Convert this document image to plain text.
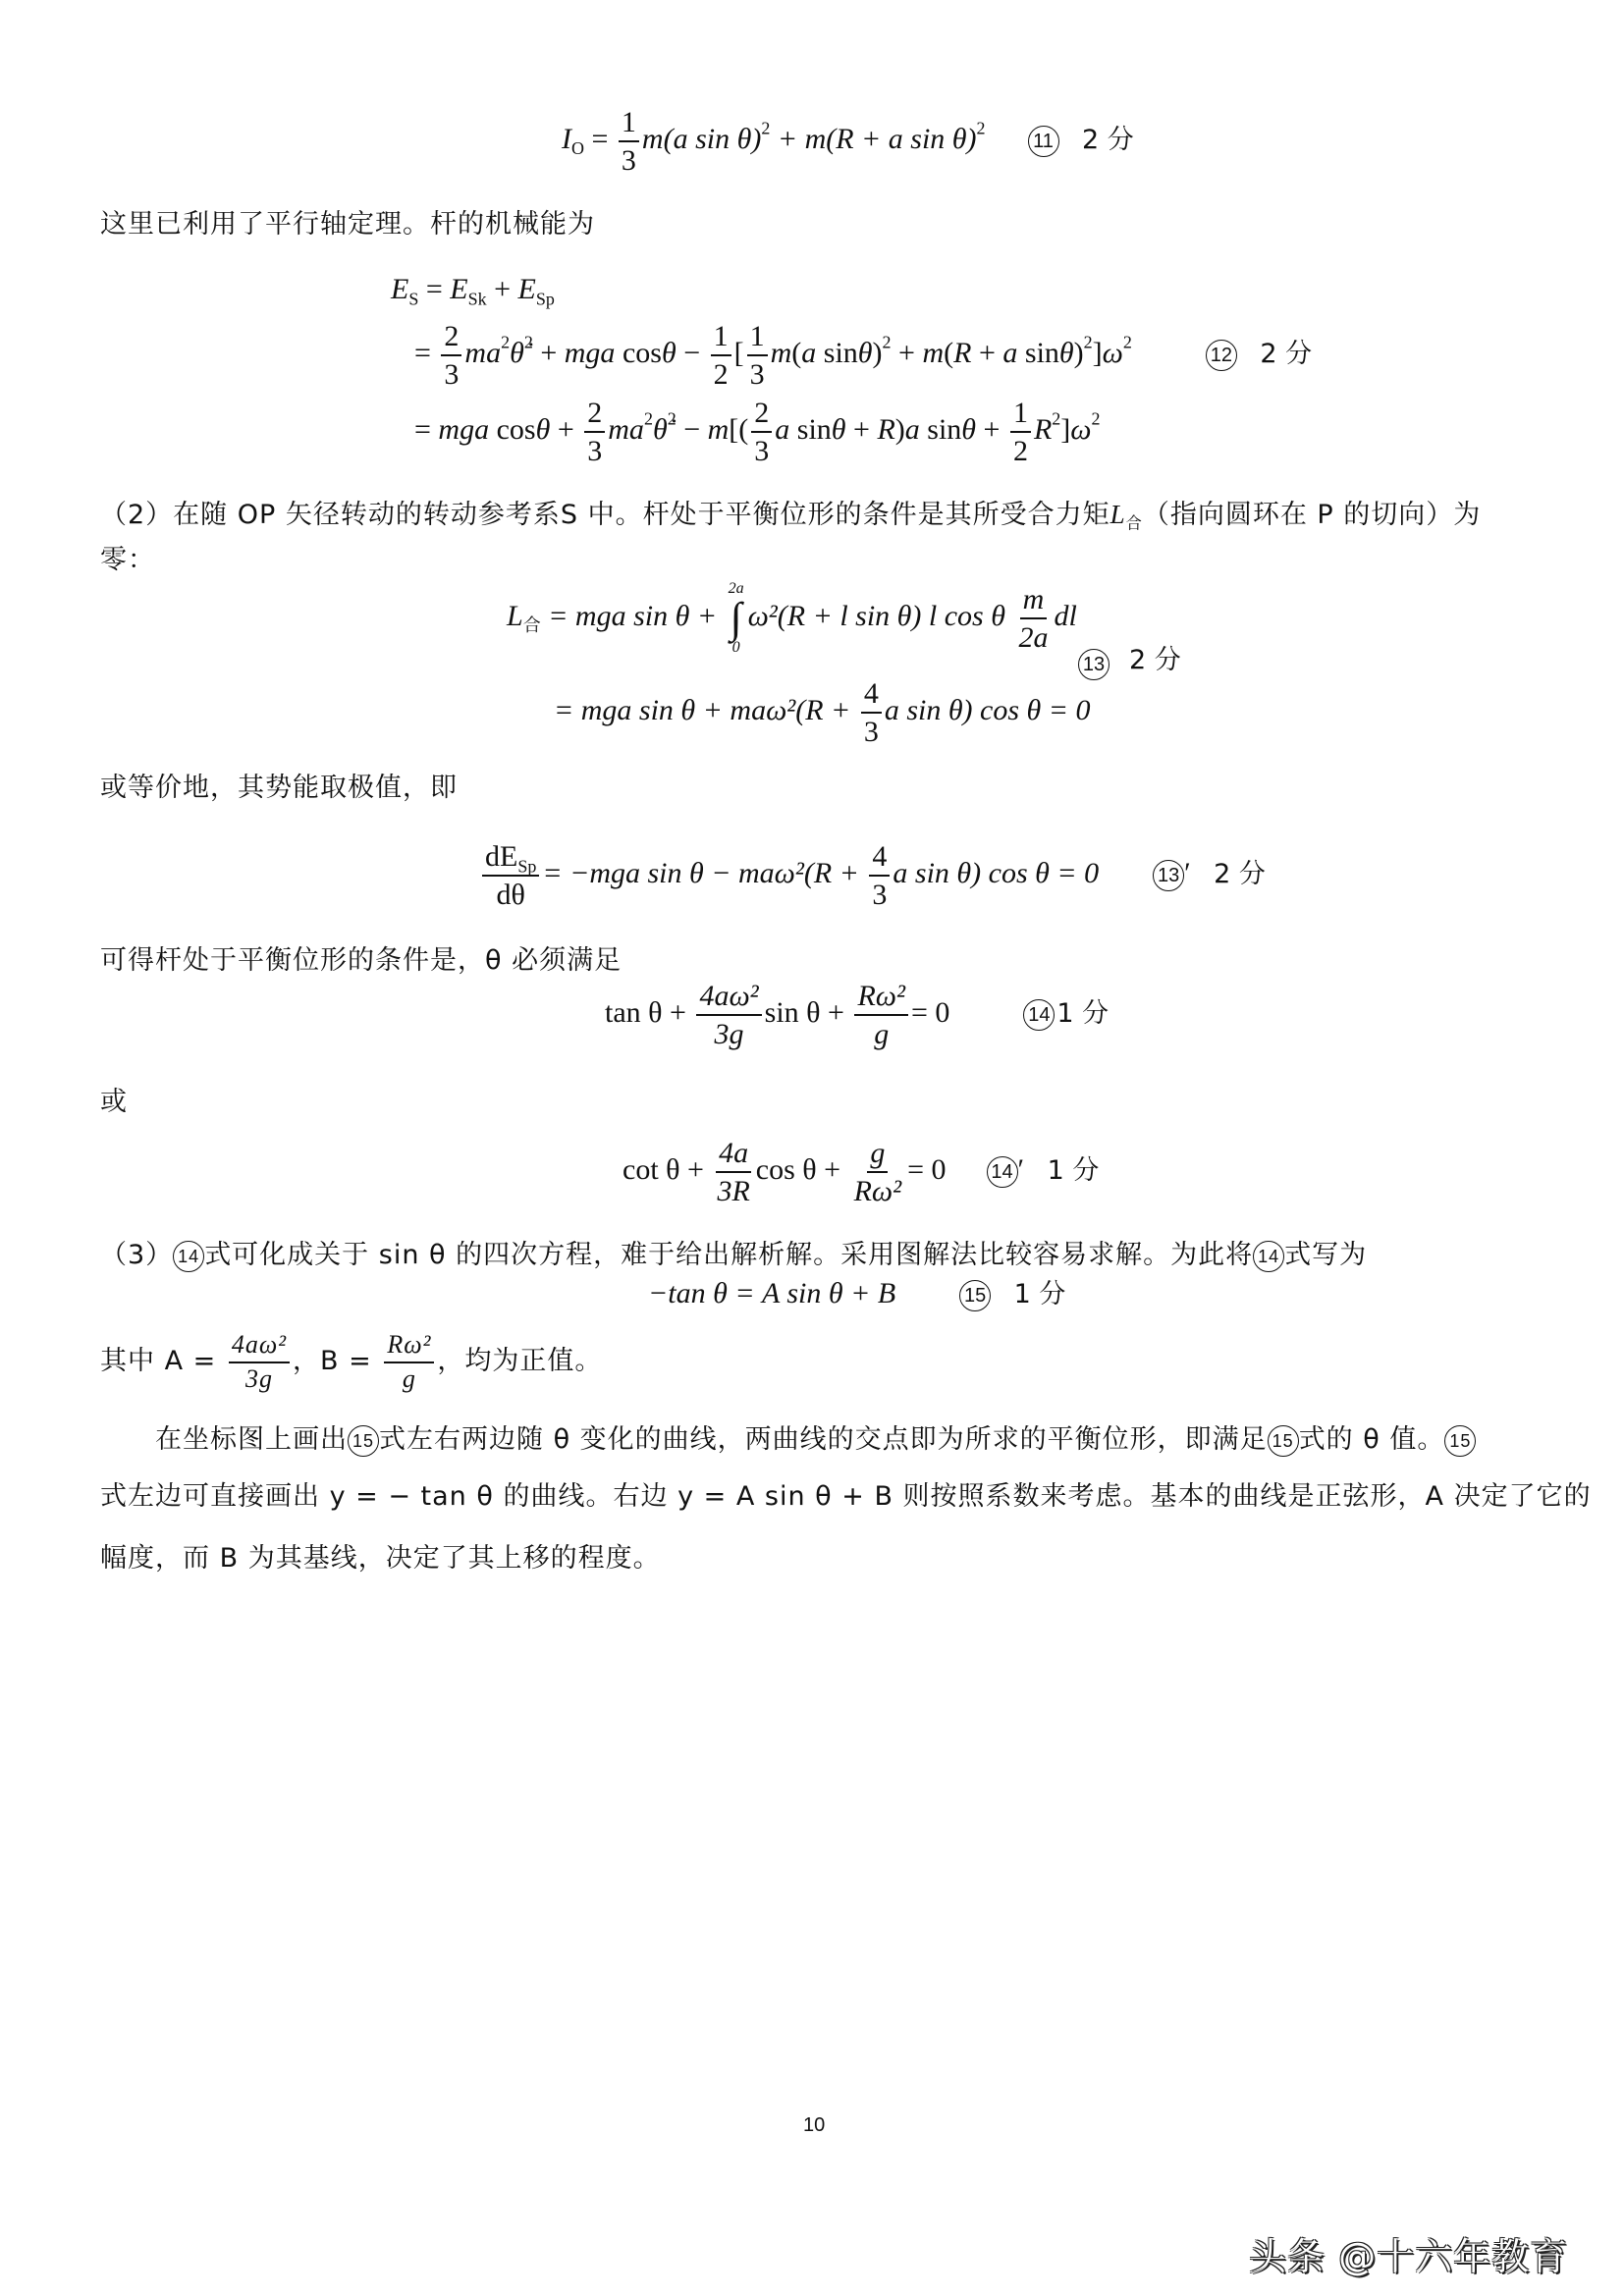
$I_O = \frac{1}{3} m(a$ sin θ)$^2$ + m(R + a sin θ)$^2$  11 2 分
这里已利用了平行轴定理。杆的机械能为
$E_S = E_{Sk} + E_{Sp}$
= $\frac{2}{3}$ $ma^2\thetȧ^2$ + mga $\cos\theta - \frac{1}{2}$ [ $\frac{1}{3} m(a$ sinθ)$^2$ + m(R + a $\sin\theta)^2]\omega^2$  12 2 分
= mga $\cos\theta + \frac{2}{3}$ $ma^2\thetȧ^2 - m[( \frac{2}{3}$ a sinθ + R)a $\sin\theta + \frac{1}{2} R^2]\omega^2$
（2）在随 OP 矢径转动的转动参考系S 中。杆处于平衡位形的条件是其所受合力矩$L_合$（指向圆环在 P 的切向）为
零：
$L_合$ = mga sin θ +
2a
∫
0
ω²(R + l sin θ) l cos θ $\frac{m}{2a}$ dl
13 2 分
= mga $\sin \theta + ma\omega^2(R + \frac{4}{3}$ a sin θ) cos θ = 0
或等价地，其势能取极值，即
$\frac{dE_{Sp}}{d\theta} = -mga$ $\sin \theta - ma\omega^2(R + \frac{4}{3}$ a sin θ) cos θ = 0	13 ′ 2 分
可得杆处于平衡位形的条件是，θ 必须满足
$\tan \theta + \frac{\text{4aω²}}{3g}$ $\sin \theta + \frac{\text{Rω²}}{g} = 0$	14 1 分
或
$\cot \theta + \frac{4a}{3R}$ $\cos \theta + \frac{g}{\text{Rω²}} = 0$ 14 ′ 1 分
（3） 14 式可化成关于 sin θ 的四次方程，难于给出解析解。采用图解法比较容易求解。为此将 14 式写为
−tan θ = A sin θ + B	15 1 分
其中 $A = \frac{\text{4aω²}}{3g}$ ，$B = \frac{\text{Rω²}}{g}$ ，均为正值。
在坐标图上画出 15 式左右两边随 θ 变化的曲线，两曲线的交点即为所求的平衡位形，即满足 15 式的 θ 值。 15
式左边可直接画出 y = − tan θ 的曲线。右边 y = A sin θ + B 则按照系数来考虑。基本的曲线是正弦形，A 决定了它的
幅度，而 B 为其基线，决定了其上移的程度。
10
头条 @十六年教育
